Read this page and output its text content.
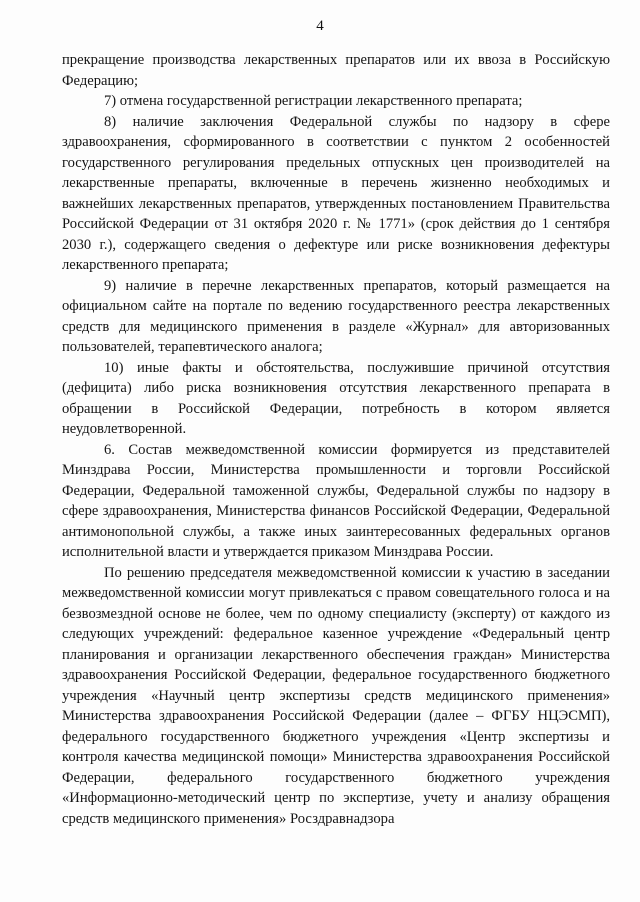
4

прекращение производства лекарственных препаратов или их ввоза в Российскую Федерацию;

7) отмена государственной регистрации лекарственного препарата;

8) наличие заключения Федеральной службы по надзору в сфере здравоохранения, сформированного в соответствии с пунктом 2 особенностей государственного регулирования предельных отпускных цен производителей на лекарственные препараты, включенные в перечень жизненно необходимых и важнейших лекарственных препаратов, утвержденных постановлением Правительства Российской Федерации от 31 октября 2020 г. № 1771» (срок действия до 1 сентября 2030 г.), содержащего сведения о дефектуре или риске возникновения дефектуры лекарственного препарата;

9) наличие в перечне лекарственных препаратов, который размещается на официальном сайте на портале по ведению государственного реестра лекарственных средств для медицинского применения в разделе «Журнал» для авторизованных пользователей, терапевтического аналога;

10) иные факты и обстоятельства, послужившие причиной отсутствия (дефицита) либо риска возникновения отсутствия лекарственного препарата в обращении в Российской Федерации, потребность в котором является неудовлетворенной.

6. Состав межведомственной комиссии формируется из представителей Минздрава России, Министерства промышленности и торговли Российской Федерации, Федеральной таможенной службы, Федеральной службы по надзору в сфере здравоохранения, Министерства финансов Российской Федерации, Федеральной антимонопольной службы, а также иных заинтересованных федеральных органов исполнительной власти и утверждается приказом Минздрава России.

По решению председателя межведомственной комиссии к участию в заседании межведомственной комиссии могут привлекаться с правом совещательного голоса и на безвозмездной основе не более, чем по одному специалисту (эксперту) от каждого из следующих учреждений: федеральное казенное учреждение «Федеральный центр планирования и организации лекарственного обеспечения граждан» Министерства здравоохранения Российской Федерации, федеральное государственного бюджетного учреждения «Научный центр экспертизы средств медицинского применения» Министерства здравоохранения Российской Федерации (далее – ФГБУ НЦЭСМП), федерального государственного бюджетного учреждения «Центр экспертизы и контроля качества медицинской помощи» Министерства здравоохранения Российской Федерации, федерального государственного бюджетного учреждения «Информационно-методический центр по экспертизе, учету и анализу обращения средств медицинского применения» Росздравнадзора
